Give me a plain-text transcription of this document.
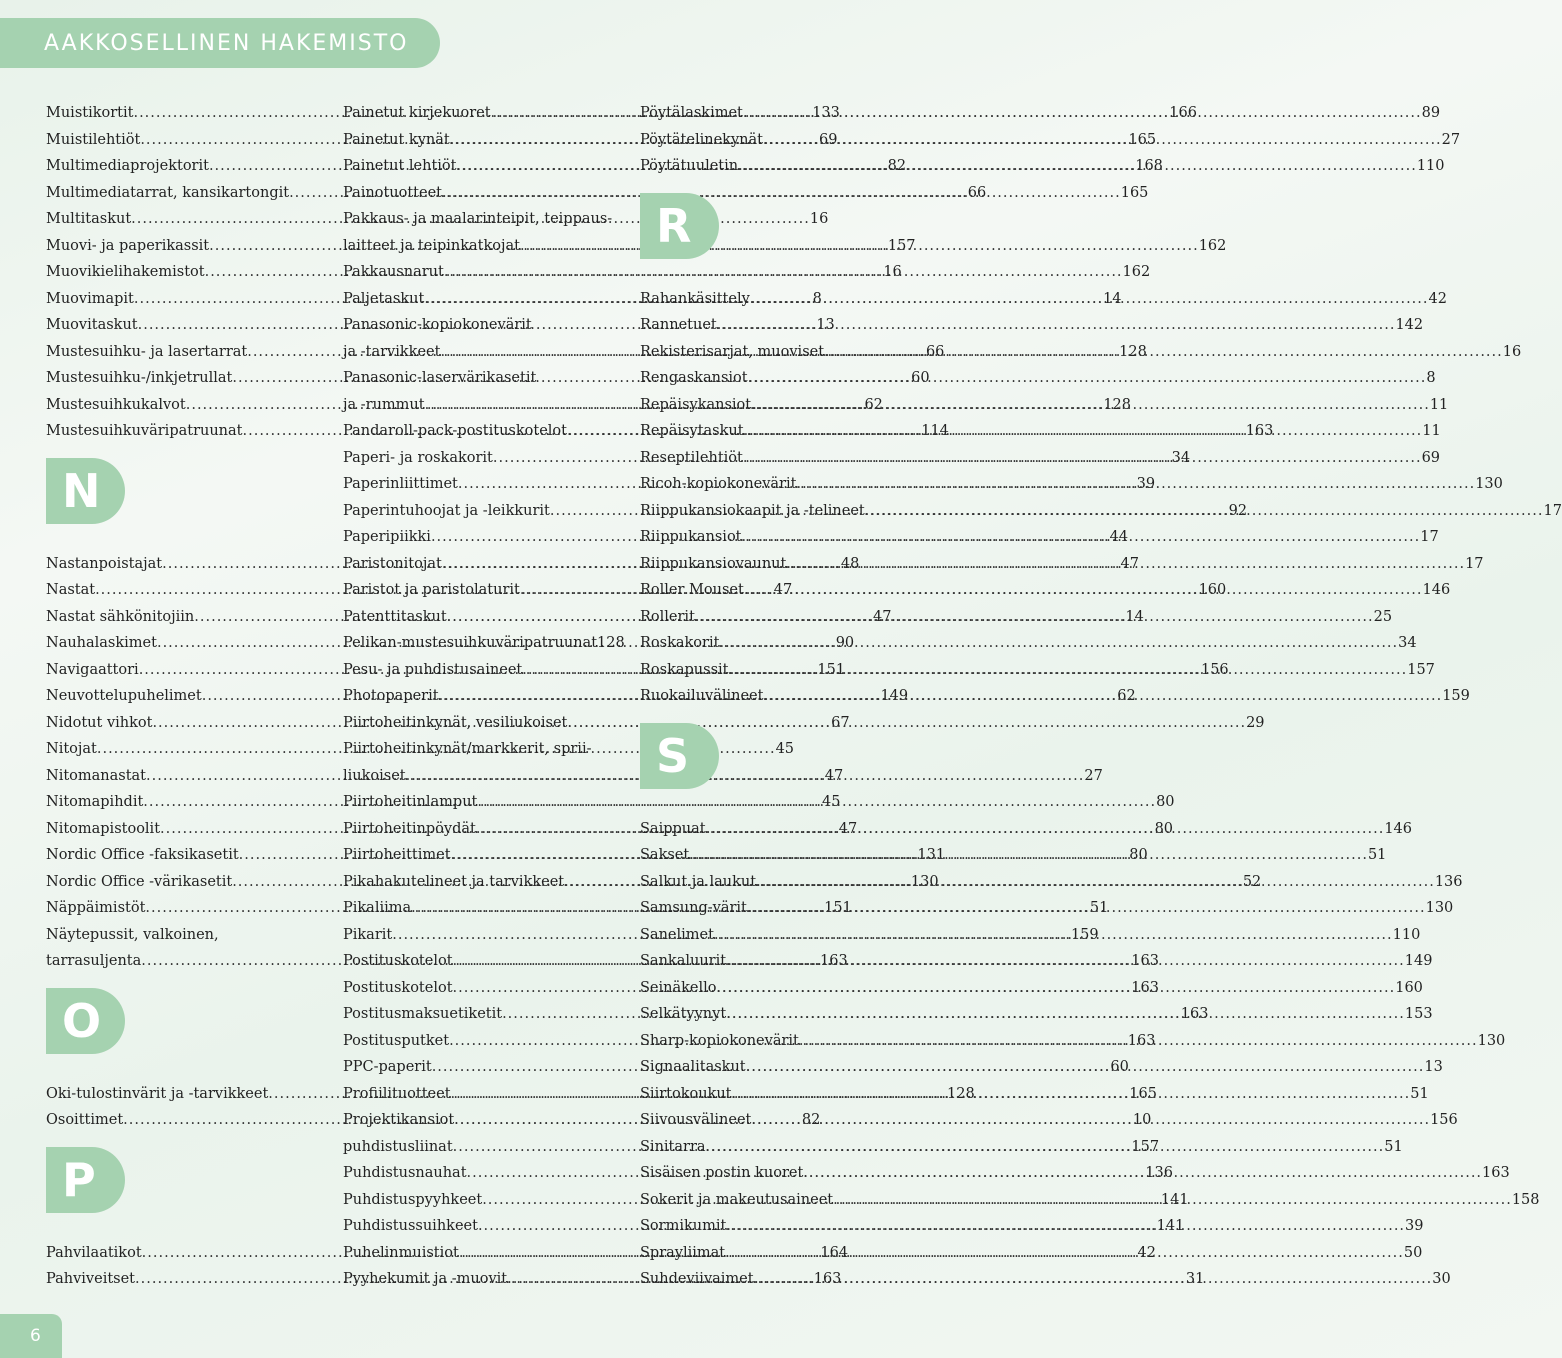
AAKKOSELLINEN HAKEMISTO
Muistikortit .....	133
Muistilehtiöt .....	69
Multimediaprojektorit .....	82
Multimediatarrat, kansikartongit .....	66
Multitaskut .....	16
Muovi- ja paperikassit .....	157
Muovikielihakemistot .....	16
Muovimapit .....	8
Muovitaskut .....	13
Mustesuihku- ja lasertarrat .....	66
Mustesuihku-/inkjetrullat .....	60
Mustesuihkukalvot .....	62
Mustesuihkuväripatruunat .....	114
N
Nastanpoistajat .....	48
Nastat .....	47
Nastat sähkönitojiin .....	47
Nauhalaskimet .....	90
Navigaattori .....	151
Neuvottelupuhelimet .....	149
Nidotut vihkot .....	67
Nitojat .....	45
Nitomanastat .....	47
Nitomapihdit .....	45
Nitomapistoolit .....	47
Nordic Office -faksikasetit .....	131
Nordic Office -värikasetit .....	130
Näppäimistöt .....	151
Näytepussit, valkoinen,
tarrasuljenta .....	163
O
Oki-tulostinvärit ja -tarvikkeet .....	128
Osoittimet .....	82
P
Pahvilaatikot .....	164
Pahviveitset .....	163
Painetut kirjekuoret .....	166
Painetut kynät .....	165
Painetut lehtiöt .....	168
Painotuotteet .....	165
Pakkaus- ja maalarinteipit, teippaus-
laitteet ja teipinkatkojat .....	162
Pakkausnarut .....	162
Paljetaskut .....	14
Panasonic-kopiokonevärit
ja -tarvikkeet .....	128
Panasonic-laservärikasetit
ja -rummut .....	128
Pandaroll-pack-postituskotelot .....	163
Paperi- ja roskakorit .....	34
Paperinliittimet .....	39
Paperintuhoojat ja -leikkurit .....	92
Paperipiikki .....	44
Paristonitojat .....	47
Paristot ja paristolaturit .....	160
Patenttitaskut .....	14
Pelikan-mustesuihkuväripatruunat 128
Pesu- ja puhdistusaineet .....	156
Photopaperit .....	62
Piirtoheitinkynät, vesiliukoiset .....	29
Piirtoheitinkynät/markkerit, sprii-
liukoiset .....	27
Piirtoheitinlamput .....	80
Piirtoheitinpöydät .....	80
Piirtoheittimet .....	80
Pikahakutelineet ja tarvikkeet .....	52
Pikaliima .....	51
Pikarit .....	159
Postituskotelot .....	163
Postituskotelot .....	163
Postitusmaksuetiketit .....	163
Postitusputket .....	163
PPC-paperit .....	60
Profiilituotteet .....	165
Projektikansiot .....	10
puhdistusliinat .....	157
Puhdistusnauhat .....	136
Puhdistuspyyhkeet .....	141
Puhdistussuihkeet .....	141
Puhelinmuistiot .....	42
Pyyhekumit ja -muovit .....	31
Pöytälaskimet .....	89
Pöytätelinekynät .....	27
Pöytätuuletin .....	110
R
Rahankäsittely .....	42
Rannetuet .....	142
Rekisterisarjat, muoviset .....	16
Rengaskansiot .....	8
Repäisykansiot .....	11
Repäisytaskut .....	11
Reseptilehtiöt .....	69
Ricoh-kopiokonevärit .....	130
Riippukansiokaapit ja -telineet .....	17
Riippukansiot .....	17
Riippukansiovaunut .....	17
Roller Mouset .....	146
Rollerit .....	25
Roskakorit .....	34
Roskapussit .....	157
Ruokailuvälineet .....	159
S
Saippuat .....	146
Sakset .....	51
Salkut ja laukut .....	136
Samsung-värit .....	130
Sanelimet .....	110
Sankaluurit .....	149
Seinäkello .....	160
Selkätyynyt .....	153
Sharp-kopiokonevärit .....	130
Signaalitaskut .....	13
Siirtokoukut .....	51
Siivousvälineet .....	156
Sinitarra .....	51
Sisäisen postin kuoret .....	163
Sokerit ja makeutusaineet .....	158
Sormikumit .....	39
Sprayliimat .....	50
Suhdeviivaimet .....	30
6
